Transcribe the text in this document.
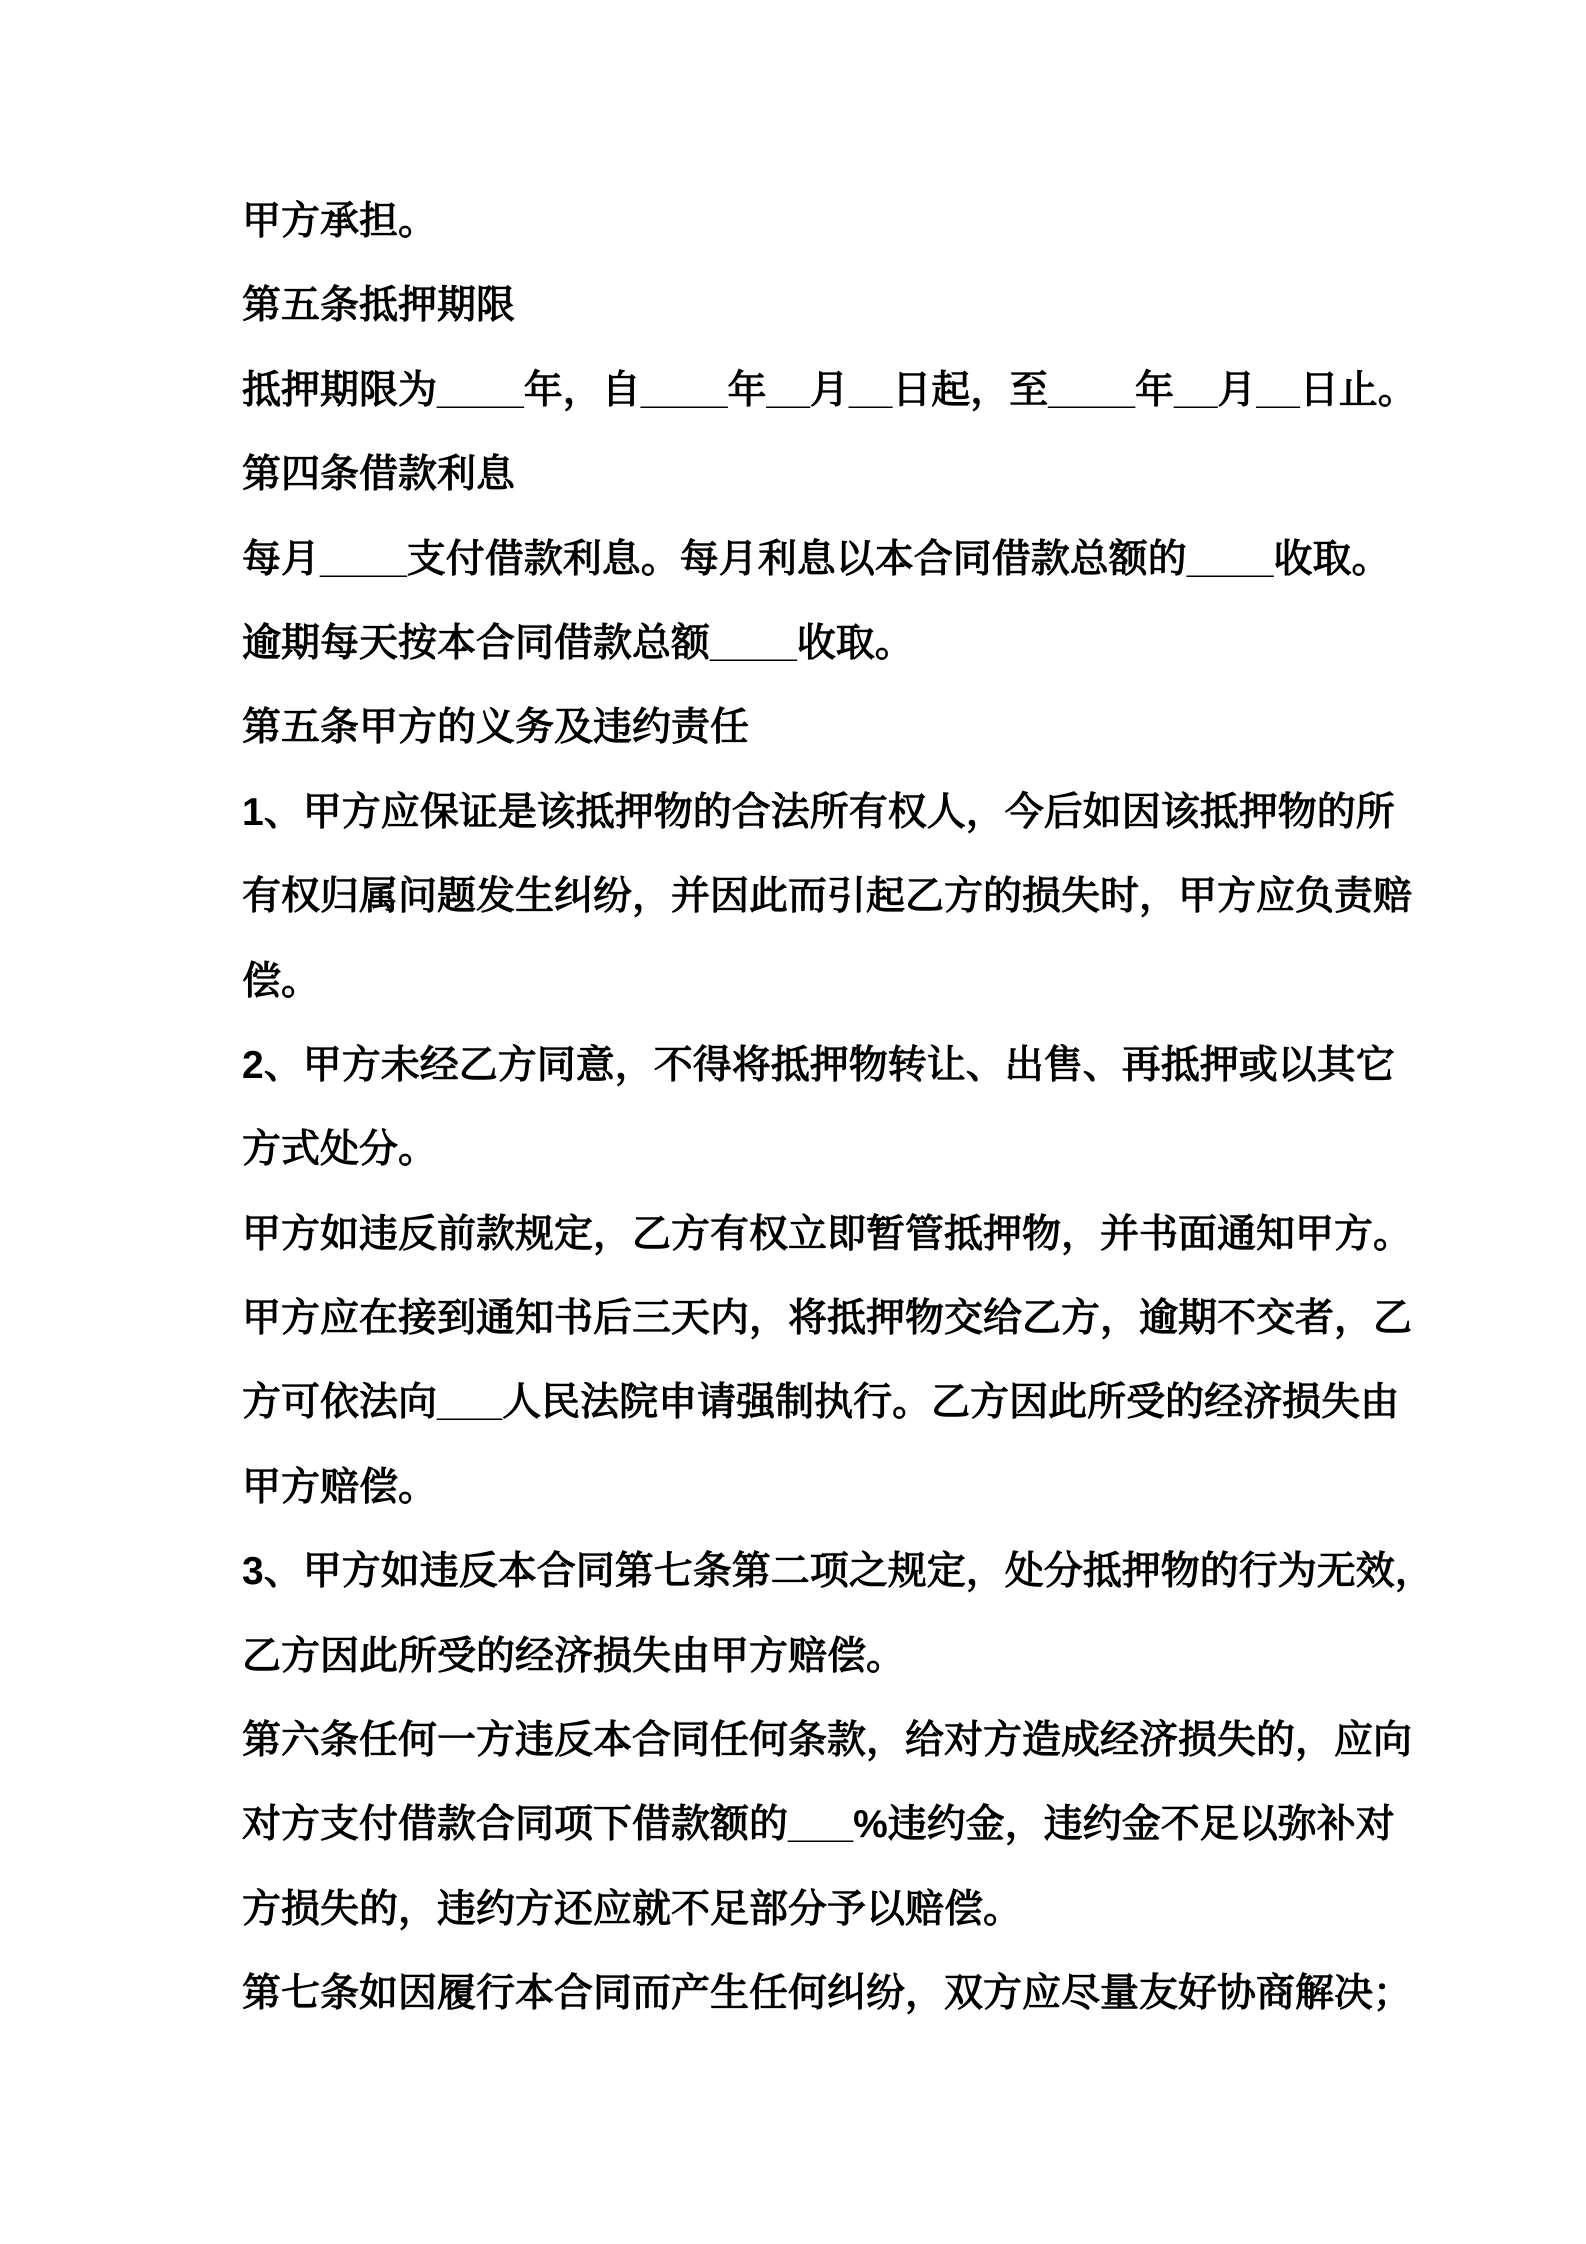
甲方承担。
第五条抵押期限
抵押期限为____年，自____年__月__日起，至____年__月__日止。
第四条借款利息
每月____支付借款利息。每月利息以本合同借款总额的____收取。
逾期每天按本合同借款总额____收取。
第五条甲方的义务及违约责任
1、甲方应保证是该抵押物的合法所有权人，今后如因该抵押物的所
有权归属问题发生纠纷，并因此而引起乙方的损失时，甲方应负责赔
偿。
2、甲方未经乙方同意，不得将抵押物转让、出售、再抵押或以其它
方式处分。
甲方如违反前款规定，乙方有权立即暂管抵押物，并书面通知甲方。
甲方应在接到通知书后三天内，将抵押物交给乙方，逾期不交者，乙
方可依法向___人民法院申请强制执行。乙方因此所受的经济损失由
甲方赔偿。
3、甲方如违反本合同第七条第二项之规定，处分抵押物的行为无效，
乙方因此所受的经济损失由甲方赔偿。
第六条任何一方违反本合同任何条款，给对方造成经济损失的，应向
对方支付借款合同项下借款额的___%违约金，违约金不足以弥补对
方损失的，违约方还应就不足部分予以赔偿。
第七条如因履行本合同而产生任何纠纷，双方应尽量友好协商解决；
